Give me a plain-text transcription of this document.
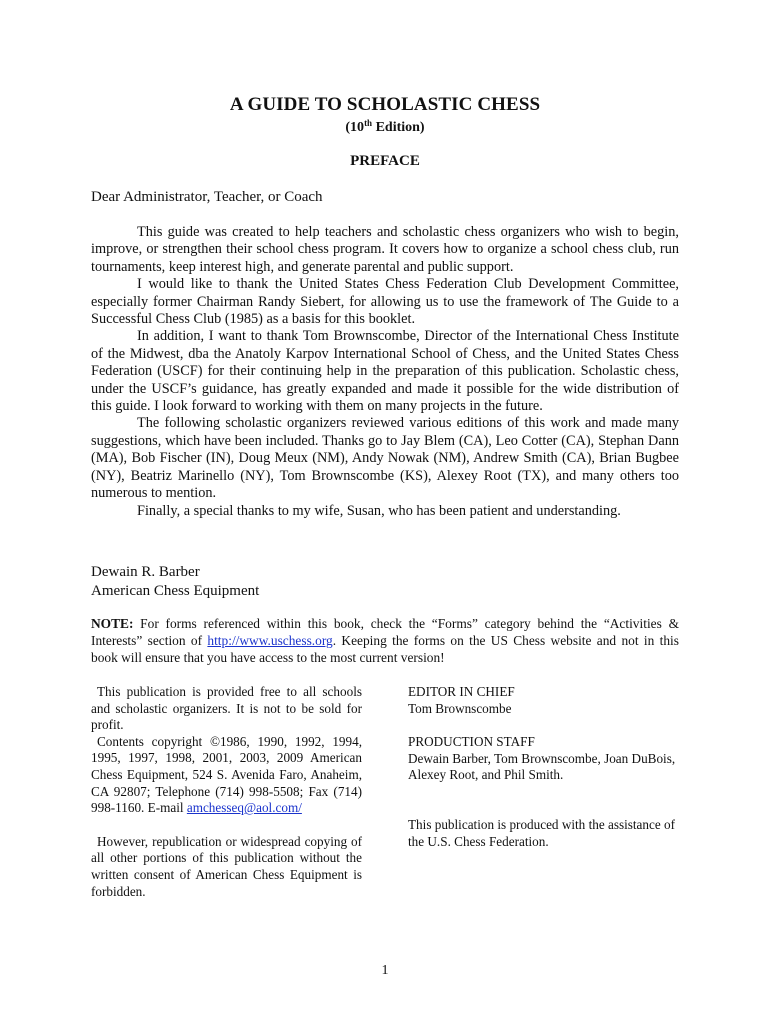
A GUIDE TO SCHOLASTIC CHESS
(10th Edition)
PREFACE
Dear Administrator, Teacher, or Coach

This guide was created to help teachers and scholastic chess organizers who wish to begin, improve, or strengthen their school chess program. It covers how to organize a school chess club, run tournaments, keep interest high, and generate parental and public support.

I would like to thank the United States Chess Federation Club Development Committee, especially former Chairman Randy Siebert, for allowing us to use the framework of The Guide to a Successful Chess Club (1985) as a basis for this booklet.

In addition, I want to thank Tom Brownscombe, Director of the International Chess Institute of the Midwest, dba the Anatoly Karpov International School of Chess, and the United States Chess Federation (USCF) for their continuing help in the preparation of this publication. Scholastic chess, under the USCF’s guidance, has greatly expanded and made it possible for the wide distribution of this guide. I look forward to working with them on many projects in the future.

The following scholastic organizers reviewed various editions of this work and made many suggestions, which have been included. Thanks go to Jay Blem (CA), Leo Cotter (CA), Stephan Dann (MA), Bob Fischer (IN), Doug Meux (NM), Andy Nowak (NM), Andrew Smith (CA), Brian Bugbee (NY), Beatriz Marinello (NY), Tom Brownscombe (KS), Alexey Root (TX), and many others too numerous to mention.

Finally, a special thanks to my wife, Susan, who has been patient and understanding.

Dewain R. Barber
American Chess Equipment
NOTE: For forms referenced within this book, check the “Forms” category behind the “Activities & Interests” section of http://www.uschess.org. Keeping the forms on the US Chess website and not in this book will ensure that you have access to the most current version!

This publication is provided free to all schools and scholastic organizers. It is not to be sold for profit.

Contents copyright ©1986, 1990, 1992, 1994, 1995, 1997, 1998, 2001, 2003, 2009 American Chess Equipment, 524 S. Avenida Faro, Anaheim, CA 92807; Telephone (714) 998-5508; Fax (714) 998-1160. E-mail amchesseq@aol.com/

However, republication or widespread copying of all other portions of this publication without the written consent of American Chess Equipment is forbidden.

EDITOR IN CHIEF
Tom Brownscombe
PRODUCTION STAFF
Dewain Barber, Tom Brownscombe, Joan DuBois, Alexey Root, and Phil Smith.
This publication is produced with the assistance of the U.S. Chess Federation.
1
